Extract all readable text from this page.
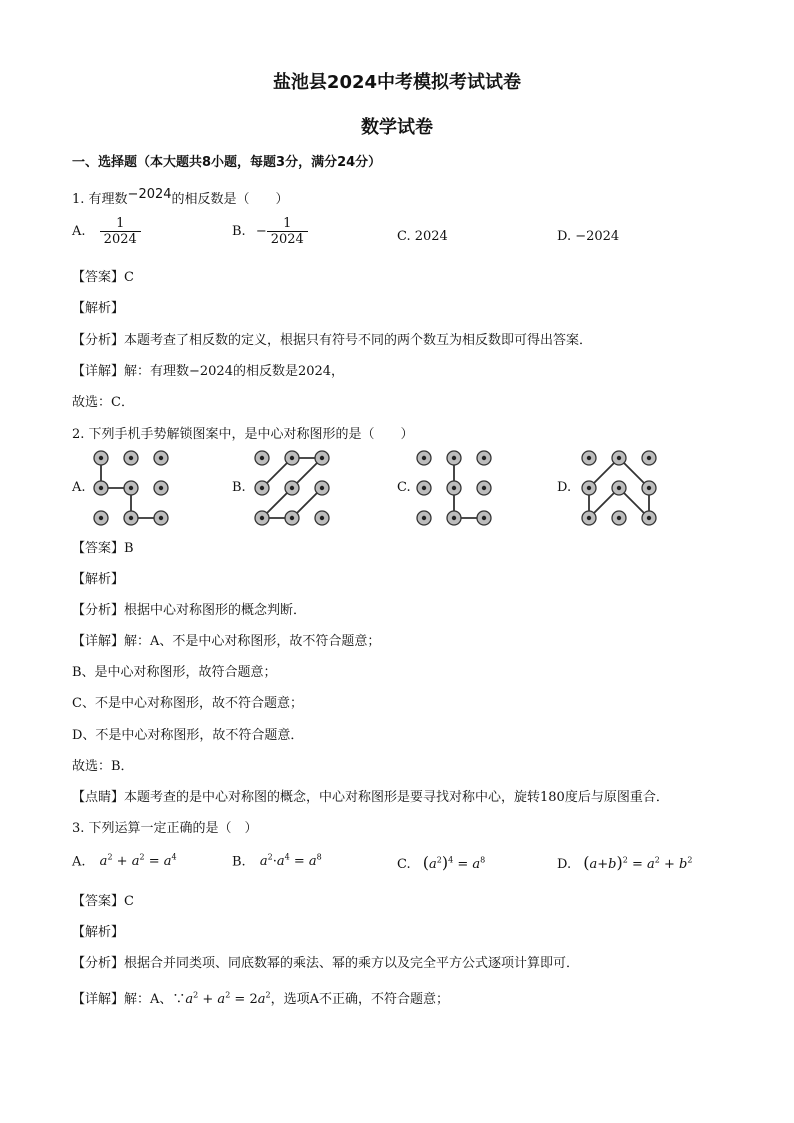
盐池县2024中考模拟考试试卷
数学试卷
一、选择题（本大题共8小题，每题3分，满分24分）
1. 有理数−2024的相反数是（　　）
A. $\frac{1}{2024}$	B. − $\frac{1}{2024}$	C. 2024	D. −2024
【答案】C
【解析】
【分析】本题考查了相反数的定义，根据只有符号不同的两个数互为相反数即可得出答案．
【详解】解：有理数−2024的相反数是2024，
故选：C．
2. 下列手机手势解锁图案中，是中心对称图形的是（　　）
A.	B.	C.	D.
【答案】B
【解析】
【分析】根据中心对称图形的概念判断．
【详解】解：A、不是中心对称图形，故不符合题意；
B、是中心对称图形，故符合题意；
C、不是中心对称图形，故不符合题意；
D、不是中心对称图形，故不符合题意．
故选：B．
【点睛】本题考查的是中心对称图的概念，中心对称图形是要寻找对称中心，旋转180度后与原图重合．
3. 下列运算一定正确的是（　）
A. $a^2 + a^2 = a^4$	B. $a^2\cdot a^4 = a^8$	C. $(a^2)^4 = a^8$	D. $(a+b)^2 = a^2 + b^2$
【答案】C
【解析】
【分析】根据合并同类项、同底数幂的乘法、幂的乘方以及完全平方公式逐项计算即可．
【详解】解：A、$\because a^2 + a^2 = 2a^2$，选项A不正确，不符合题意；
